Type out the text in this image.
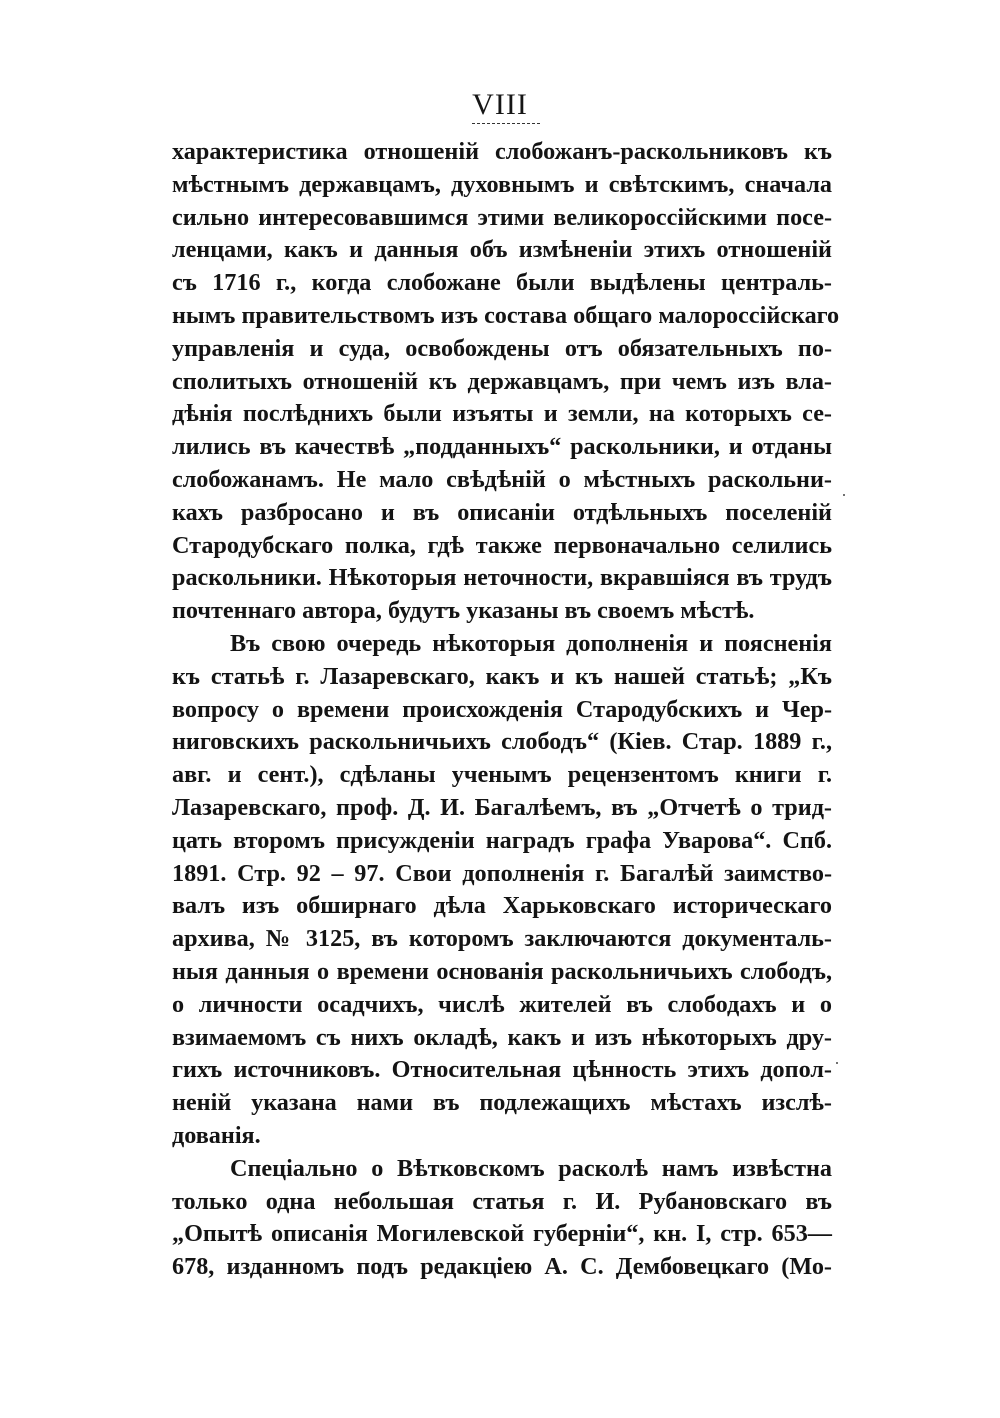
VIII
характеристика отношеній слобожанъ-раскольниковъ къ
мѣстнымъ державцамъ, духовнымъ и свѣтскимъ, сначала
сильно интересовавшимся этими великороссійскими посе-
ленцами, какъ и данныя объ измѣненіи этихъ отношеній
съ 1716 г., когда слобожане были выдѣлены централь-
нымъ правительствомъ изъ состава общаго малороссійскаго
управленія и суда, освобождены отъ обязательныхъ по-
сполитыхъ отношеній къ державцамъ, при чемъ изъ вла-
дѣнія послѣднихъ были изъяты и земли, на которыхъ се-
лились въ качествѣ „подданныхъ“ раскольники, и отданы
слобожанамъ. Не мало свѣдѣній о мѣстныхъ раскольни-
кахъ разбросано и въ описаніи отдѣльныхъ поселеній
Стародубскаго полка, гдѣ также первоначально селились
раскольники. Нѣкоторыя неточности, вкравшіяся въ трудъ
почтеннаго автора, будутъ указаны въ своемъ мѣстѣ.
Въ свою очередь нѣкоторыя дополненія и поясненія
къ статьѣ г. Лазаревскаго, какъ и къ нашей статьѣ; „Къ
вопросу о времени происхожденія Стародубскихъ и Чер-
ниговскихъ раскольничьихъ слободъ“ (Кіев. Стар. 1889 г.,
авг. и сент.), сдѣланы ученымъ рецензентомъ книги г.
Лазаревскаго, проф. Д. И. Багалѣемъ, въ „Отчетѣ о трид-
цать второмъ присужденіи наградъ графа Уварова“. Спб.
1891. Стр. 92 – 97. Свои дополненія г. Багалѣй заимство-
валъ изъ обширнаго дѣла Харьковскаго историческаго
архива, № 3125, въ которомъ заключаются документаль-
ныя данныя о времени основанія раскольничьихъ слободъ,
о личности осадчихъ, числѣ жителей въ слободахъ и о
взимаемомъ съ нихъ окладѣ, какъ и изъ нѣкоторыхъ дру-
гихъ источниковъ. Относительная цѣнность этихъ допол-
неній указана нами въ подлежащихъ мѣстахъ изслѣ-
дованія.
Спеціально о Вѣтковскомъ расколѣ намъ извѣстна
только одна небольшая статья г. И. Рубановскаго въ
„Опытѣ описанія Могилевской губерніи“, кн. I, стр. 653—
678, изданномъ подъ редакціею А. С. Дембовецкаго (Мо-
